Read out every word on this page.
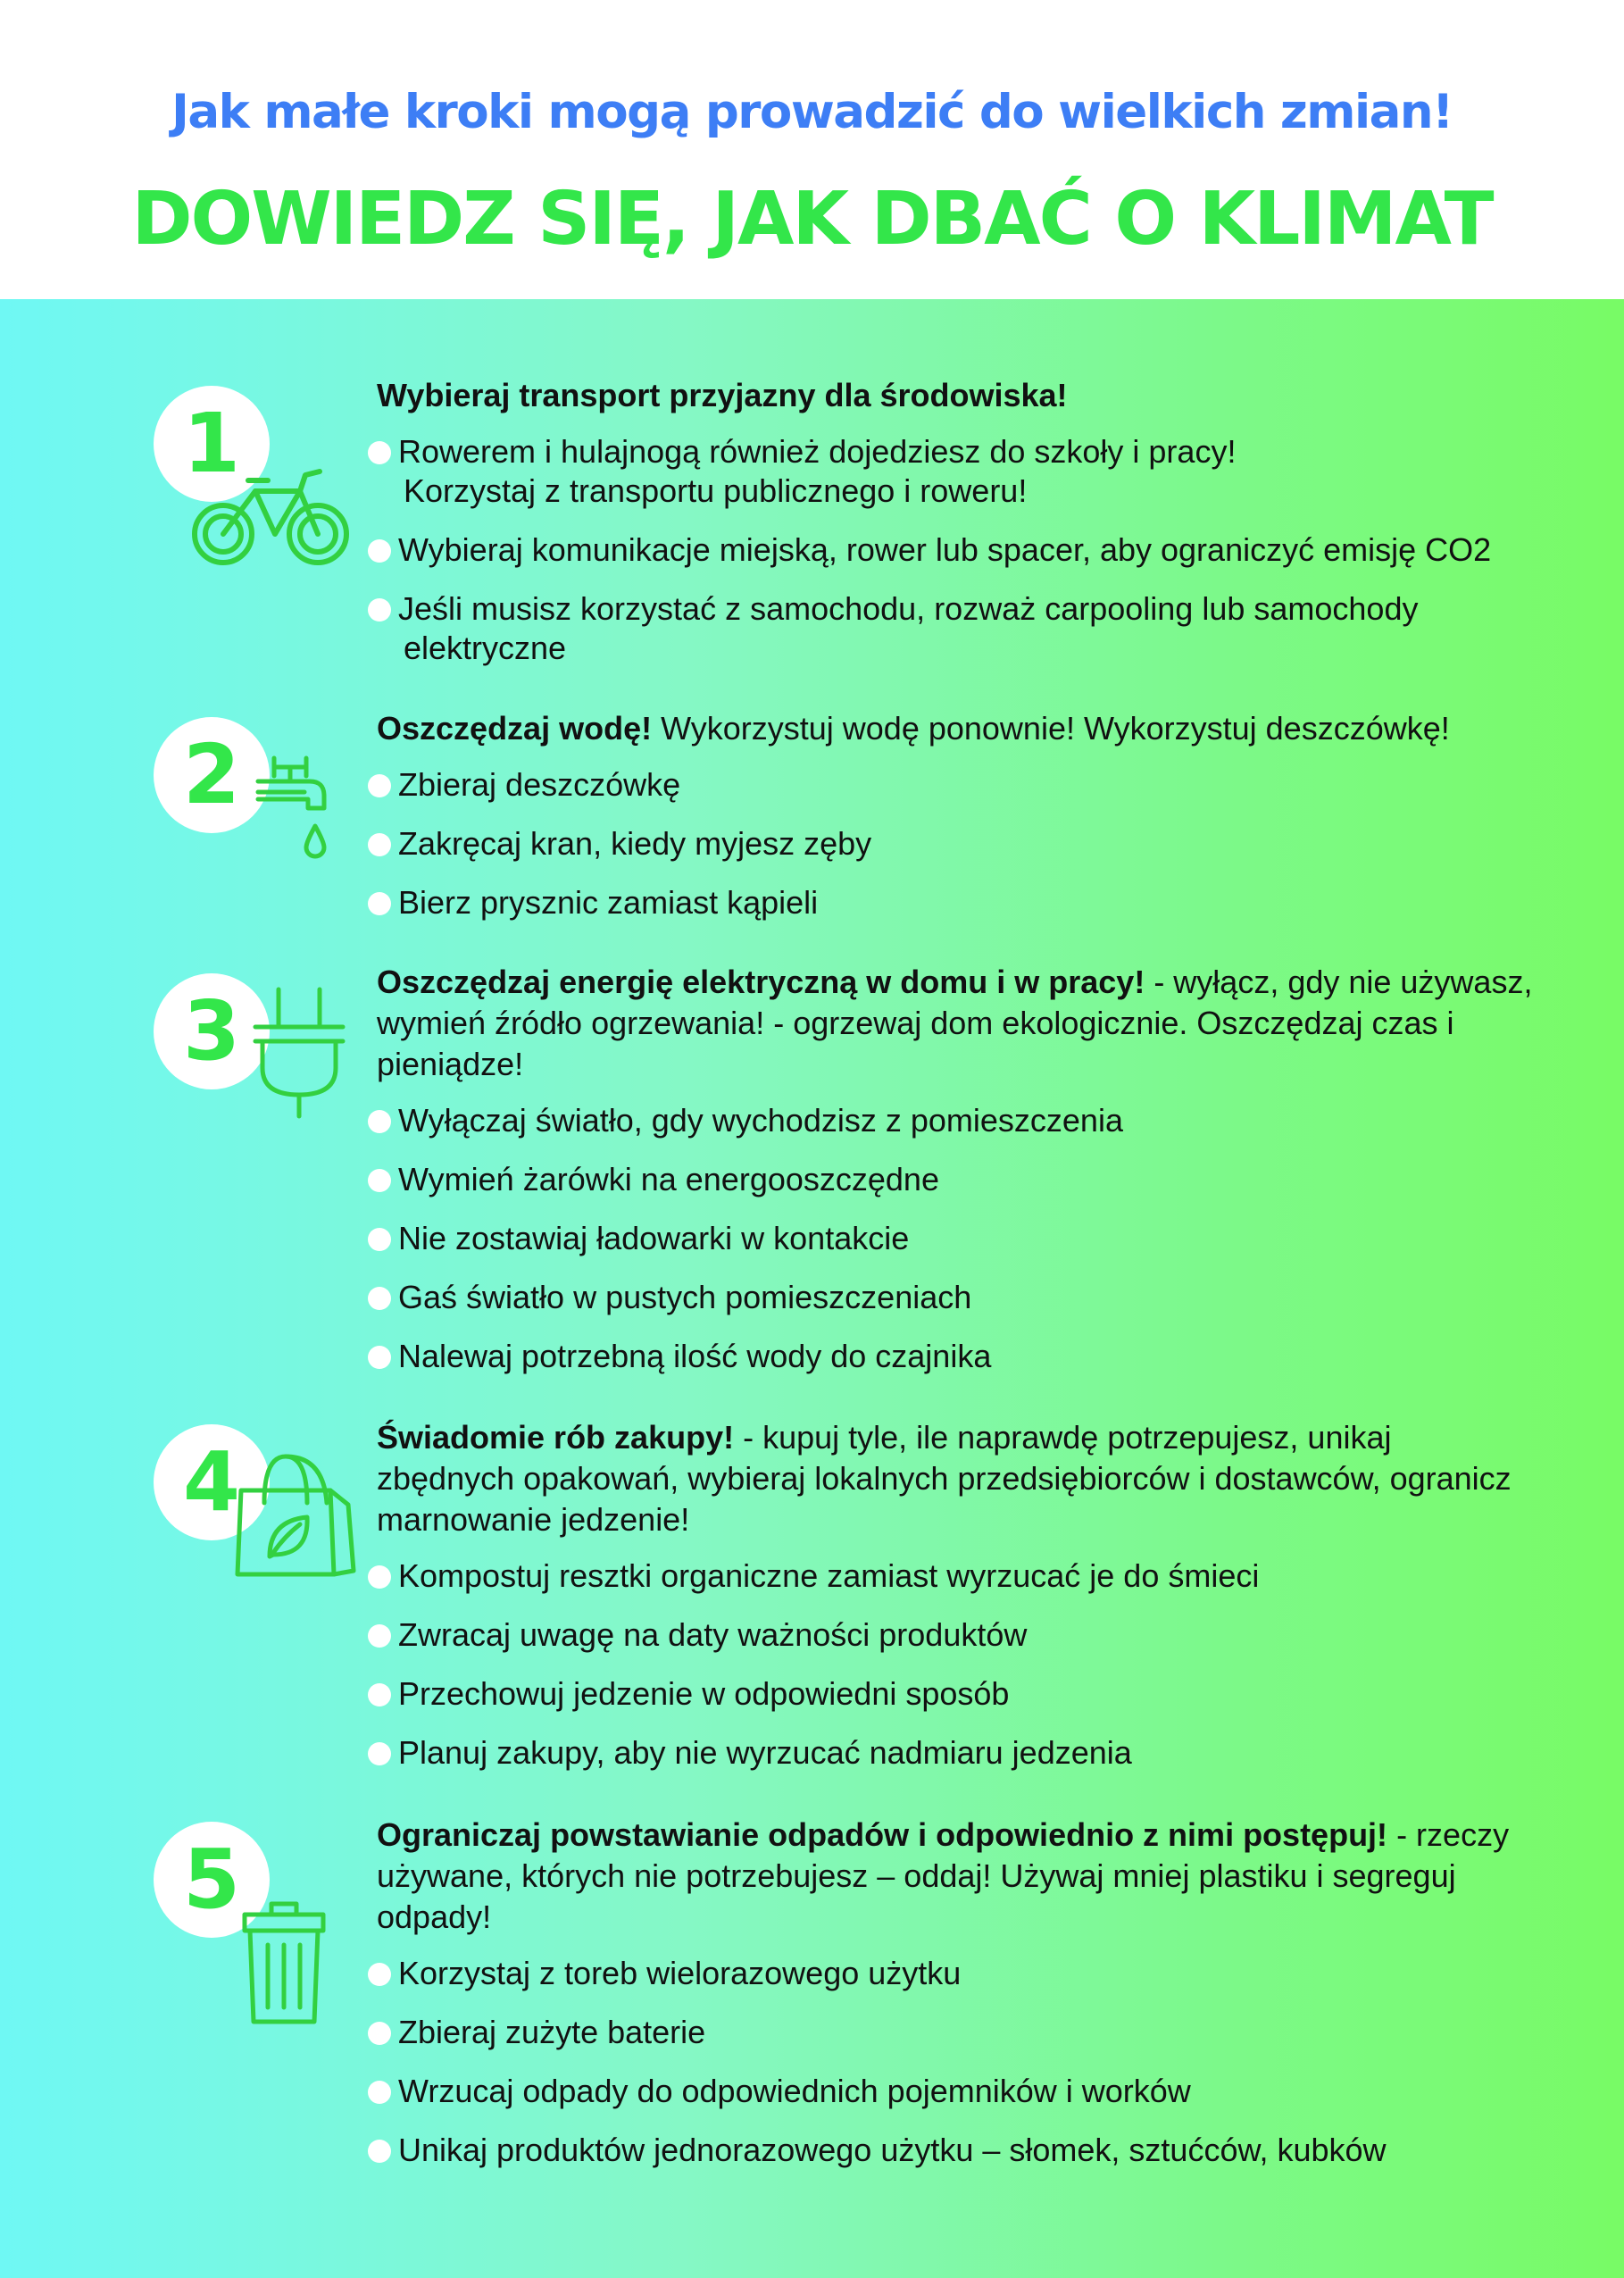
Jak małe kroki mogą prowadzić do wielkich zmian!
DOWIEDZ SIĘ, JAK DBAĆ O KLIMAT
1
Wybieraj transport przyjazny dla środowiska!
Rowerem i hulajnogą również dojedziesz do szkoły i pracy!
Korzystaj z transportu publicznego i roweru!
Wybieraj komunikacje miejską, rower lub spacer, aby ograniczyć emisję CO2
Jeśli musisz korzystać z samochodu, rozważ carpooling lub samochody
elektryczne
2	Oszczędzaj wodę! Wykorzystuj wodę ponownie! Wykorzystuj deszczówkę!
Zbieraj deszczówkę
Zakręcaj kran, kiedy myjesz zęby
Bierz prysznic zamiast kąpieli
3
Oszczędzaj energię elektryczną w domu i w pracy! - wyłącz, gdy nie używasz, wymień źródło ogrzewania! - ogrzewaj dom ekologicznie. Oszczędzaj czas i pieniądze!
Wyłączaj światło, gdy wychodzisz z pomieszczenia
Wymień żarówki na energooszczędne
Nie zostawiaj ładowarki w kontakcie
Gaś światło w pustych pomieszczeniach
Nalewaj potrzebną ilość wody do czajnika
4	Świadomie rób zakupy! - kupuj tyle, ile naprawdę potrzepujesz, unikaj zbędnych opakowań, wybieraj lokalnych przedsiębiorców i dostawców, ogranicz marnowanie jedzenie!
Kompostuj resztki organiczne zamiast wyrzucać je do śmieci
Zwracaj uwagę na daty ważności produktów
Przechowuj jedzenie w odpowiedni sposób
Planuj zakupy, aby nie wyrzucać nadmiaru jedzenia
5	Ograniczaj powstawianie odpadów i odpowiednio z nimi postępuj! - rzeczy używane, których nie potrzebujesz – oddaj! Używaj mniej plastiku i segreguj odpady!
Korzystaj z toreb wielorazowego użytku
Zbieraj zużyte baterie
Wrzucaj odpady do odpowiednich pojemników i worków
Unikaj produktów jednorazowego użytku – słomek, sztućców, kubków
